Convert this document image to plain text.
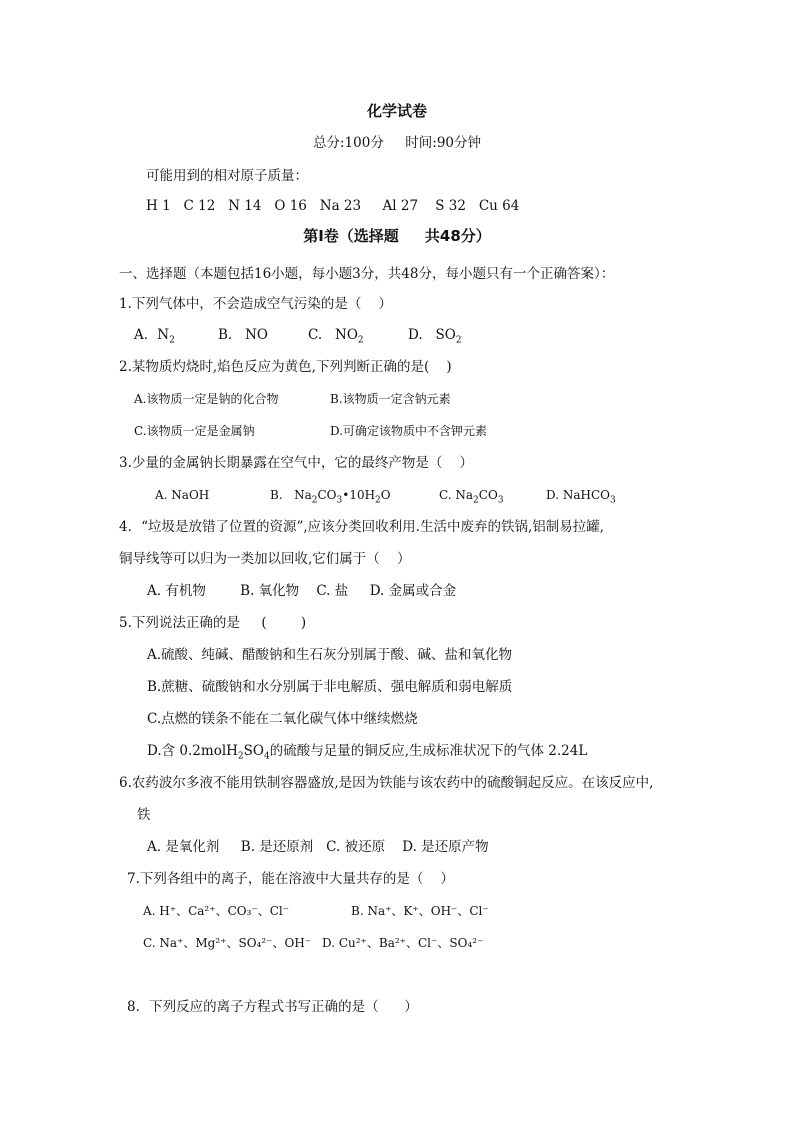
化学试卷
总分:100分     时间:90分钟
可能用到的相对原子质量：
H 1   C 12   N 14   O 16   Na 23     Al 27    S 32   Cu 64
第Ⅰ卷（选择题     共48分）
一、选择题（本题包括16小题，每小题3分，共48分，每小题只有一个正确答案）：
1.下列气体中，不会造成空气污染的是（    ）
A．$N_2$	B.   NO	C.   $NO_2$	D.   $SO_2$
2.某物质灼烧时,焰色反应为黄色,下列判断正确的是(    )
A.该物质一定是钠的化合物	B.该物质一定含钠元素
C.该物质一定是金属钠	D.可确定该物质中不含钾元素
3.少量的金属钠长期暴露在空气中，它的最终产物是（    ）
A. NaOH	B.   $Na_2CO_3•10H_2O$	C. $Na_2CO_3$	D. NaHCO$_3$
4．“垃圾是放错了位置的资源”,应该分类回收利用.生活中废弃的铁锅,铝制易拉罐,
铜导线等可以归为一类加以回收,它们属于（    ）
A. 有机物        B. 氧化物    C. 盐     D. 金属或合金
5.下列说法正确的是     (        )
A.硫酸、纯碱、醋酸钠和生石灰分别属于酸、碱、盐和氧化物
B.蔗糖、硫酸钠和水分别属于非电解质、强电解质和弱电解质
C.点燃的镁条不能在二氧化碳气体中继续燃烧
D.含 $0.2molH_2SO_4$的硫酸与足量的铜反应,生成标准状况下的气体 2.24L
6.农药波尔多液不能用铁制容器盛放,是因为铁能与该农药中的硫酸铜起反应。在该反应中,
铁
A. 是氧化剂     B. 是还原剂   C. 被还原    D. 是还原产物
7.下列各组中的离子，能在溶液中大量共存的是（    ）
A. H⁺、Ca²⁺、CO₃⁻、Cl⁻	B. Na⁺、K⁺、OH⁻、Cl⁻
C. Na⁺、Mg²⁺、SO₄²⁻、OH⁻ D. Cu²⁺、Ba²⁺、Cl⁻、SO₄²⁻
8．下列反应的离子方程式书写正确的是（      ）
